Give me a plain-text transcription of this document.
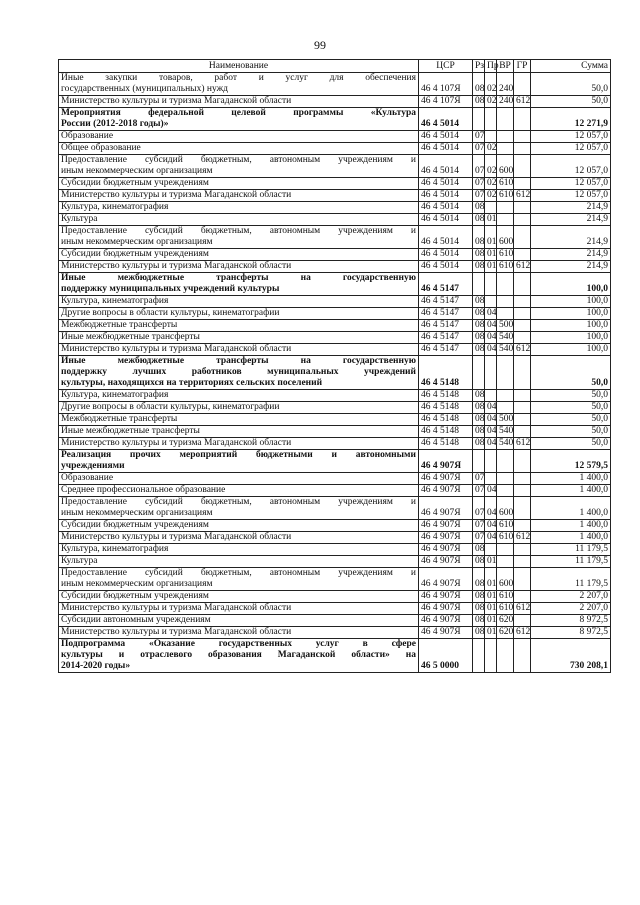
99
Наименование	ЦСР	Рз	Пр	ВР	ГР	Сумма

Иные закупки товаров, работ и услуг для обеспечения
государственных (муниципальных) нужд	46 4 107Я	08	02	240		50,0

Министерство культуры и туризма Магаданской области	46 4 107Я	08	02	240	612	50,0

Мероприятия федеральной целевой программы «Культура
России (2012-2018 годы)»	46 4 5014					12 271,9

Образование	46 4 5014	07				12 057,0

Общее образование	46 4 5014	07	02			12 057,0

Предоставление субсидий бюджетным, автономным учреждениям и
иным некоммерческим организациям	46 4 5014	07	02	600		12 057,0

Субсидии бюджетным учреждениям	46 4 5014	07	02	610		12 057,0

Министерство культуры и туризма Магаданской области	46 4 5014	07	02	610	612	12 057,0

Культура, кинематография	46 4 5014	08				214,9

Культура	46 4 5014	08	01			214,9

Предоставление субсидий бюджетным, автономным учреждениям и
иным некоммерческим организациям	46 4 5014	08	01	600		214,9

Субсидии бюджетным учреждениям	46 4 5014	08	01	610		214,9

Министерство культуры и туризма Магаданской области	46 4 5014	08	01	610	612	214,9

Иные межбюджетные трансферты на государственную
поддержку муниципальных учреждений культуры	46 4 5147					100,0

Культура, кинематография	46 4 5147	08				100,0

Другие вопросы в области культуры, кинематографии	46 4 5147	08	04			100,0

Межбюджетные трансферты	46 4 5147	08	04	500		100,0

Иные межбюджетные трансферты	46 4 5147	08	04	540		100,0

Министерство культуры и туризма Магаданской области	46 4 5147	08	04	540	612	100,0

Иные межбюджетные трансферты на государственную
поддержку лучших работников муниципальных учреждений
культуры, находящихся на территориях сельских поселений	46 4 5148					50,0

Культура, кинематография	46 4 5148	08				50,0

Другие вопросы в области культуры, кинематографии	46 4 5148	08	04			50,0

Межбюджетные трансферты	46 4 5148	08	04	500		50,0

Иные межбюджетные трансферты	46 4 5148	08	04	540		50,0

Министерство культуры и туризма Магаданской области	46 4 5148	08	04	540	612	50,0

Реализация прочих мероприятий бюджетными и автономными
учреждениями	46 4 907Я					12 579,5

Образование	46 4 907Я	07				1 400,0

Среднее профессиональное образование	46 4 907Я	07	04			1 400,0

Предоставление субсидий бюджетным, автономным учреждениям и
иным некоммерческим организациям	46 4 907Я	07	04	600		1 400,0

Субсидии бюджетным учреждениям	46 4 907Я	07	04	610		1 400,0

Министерство культуры и туризма Магаданской области	46 4 907Я	07	04	610	612	1 400,0

Культура, кинематография	46 4 907Я	08				11 179,5

Культура	46 4 907Я	08	01			11 179,5

Предоставление субсидий бюджетным, автономным учреждениям и
иным некоммерческим организациям	46 4 907Я	08	01	600		11 179,5

Субсидии бюджетным учреждениям	46 4 907Я	08	01	610		2 207,0

Министерство культуры и туризма Магаданской области	46 4 907Я	08	01	610	612	2 207,0

Субсидии автономным учреждениям	46 4 907Я	08	01	620		8 972,5

Министерство культуры и туризма Магаданской области	46 4 907Я	08	01	620	612	8 972,5

Подпрограмма «Оказание государственных услуг в сфере
культуры и отраслевого образования Магаданской области» на
2014-2020 годы»	46 5 0000					730 208,1
